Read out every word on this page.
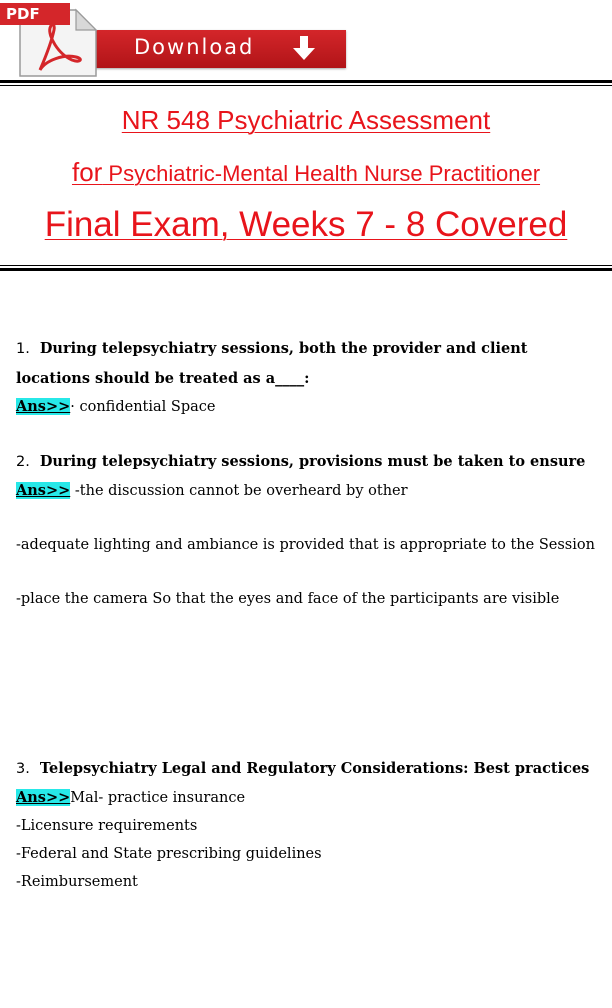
Download
PDF
NR 548 Psychiatric Assessment
for Psychiatric-Mental Health Nurse Practitioner
Final Exam, Weeks 7 - 8 Covered
1. During telepsychiatry sessions, both the provider and client locations should be treated as a____:
Ans>>· confidential Space
2. During telepsychiatry sessions, provisions must be taken to ensure
Ans>> -the discussion cannot be overheard by other
-adequate lighting and ambiance is provided that is appropriate to the Session
-place the camera So that the eyes and face of the participants are visible
3. Telepsychiatry Legal and Regulatory Considerations: Best practices
Ans>>Mal- practice insurance
-Licensure requirements
-Federal and State prescribing guidelines
-Reimbursement
